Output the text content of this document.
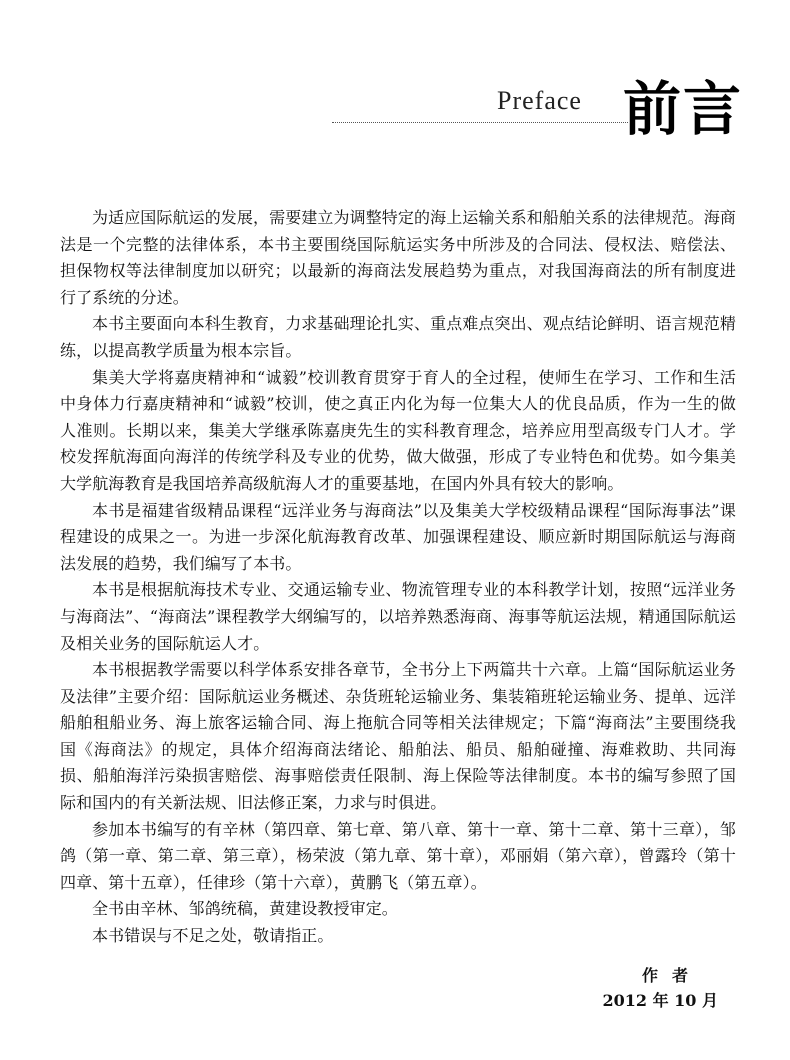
Preface 前言

为适应国际航运的发展，需要建立为调整特定的海上运输关系和船舶关系的法律规范。海商法是一个完整的法律体系，本书主要围绕国际航运实务中所涉及的合同法、侵权法、赔偿法、担保物权等法律制度加以研究；以最新的海商法发展趋势为重点，对我国海商法的所有制度进行了系统的分述。

本书主要面向本科生教育，力求基础理论扎实、重点难点突出、观点结论鲜明、语言规范精练，以提高教学质量为根本宗旨。

集美大学将嘉庚精神和“诚毅”校训教育贯穿于育人的全过程，使师生在学习、工作和生活中身体力行嘉庚精神和“诚毅”校训，使之真正内化为每一位集大人的优良品质，作为一生的做人准则。长期以来，集美大学继承陈嘉庚先生的实科教育理念，培养应用型高级专门人才。学校发挥航海面向海洋的传统学科及专业的优势，做大做强，形成了专业特色和优势。如今集美大学航海教育是我国培养高级航海人才的重要基地，在国内外具有较大的影响。

本书是福建省级精品课程“远洋业务与海商法”以及集美大学校级精品课程“国际海事法”课程建设的成果之一。为进一步深化航海教育改革、加强课程建设、顺应新时期国际航运与海商法发展的趋势，我们编写了本书。

本书是根据航海技术专业、交通运输专业、物流管理专业的本科教学计划，按照“远洋业务与海商法”、“海商法”课程教学大纲编写的，以培养熟悉海商、海事等航运法规，精通国际航运及相关业务的国际航运人才。

本书根据教学需要以科学体系安排各章节，全书分上下两篇共十六章。上篇“国际航运业务及法律”主要介绍：国际航运业务概述、杂货班轮运输业务、集装箱班轮运输业务、提单、远洋船舶租船业务、海上旅客运输合同、海上拖航合同等相关法律规定；下篇“海商法”主要围绕我国《海商法》的规定，具体介绍海商法绪论、船舶法、船员、船舶碰撞、海难救助、共同海损、船舶海洋污染损害赔偿、海事赔偿责任限制、海上保险等法律制度。本书的编写参照了国际和国内的有关新法规、旧法修正案，力求与时俱进。

参加本书编写的有辛林（第四章、第七章、第八章、第十一章、第十二章、第十三章），邹鸽（第一章、第二章、第三章），杨荣波（第九章、第十章），邓丽娟（第六章），曾露玲（第十四章、第十五章），任律珍（第十六章），黄鹏飞（第五章）。

全书由辛林、邹鸽统稿，黄建设教授审定。

本书错误与不足之处，敬请指正。

作者
2012 年 10 月
